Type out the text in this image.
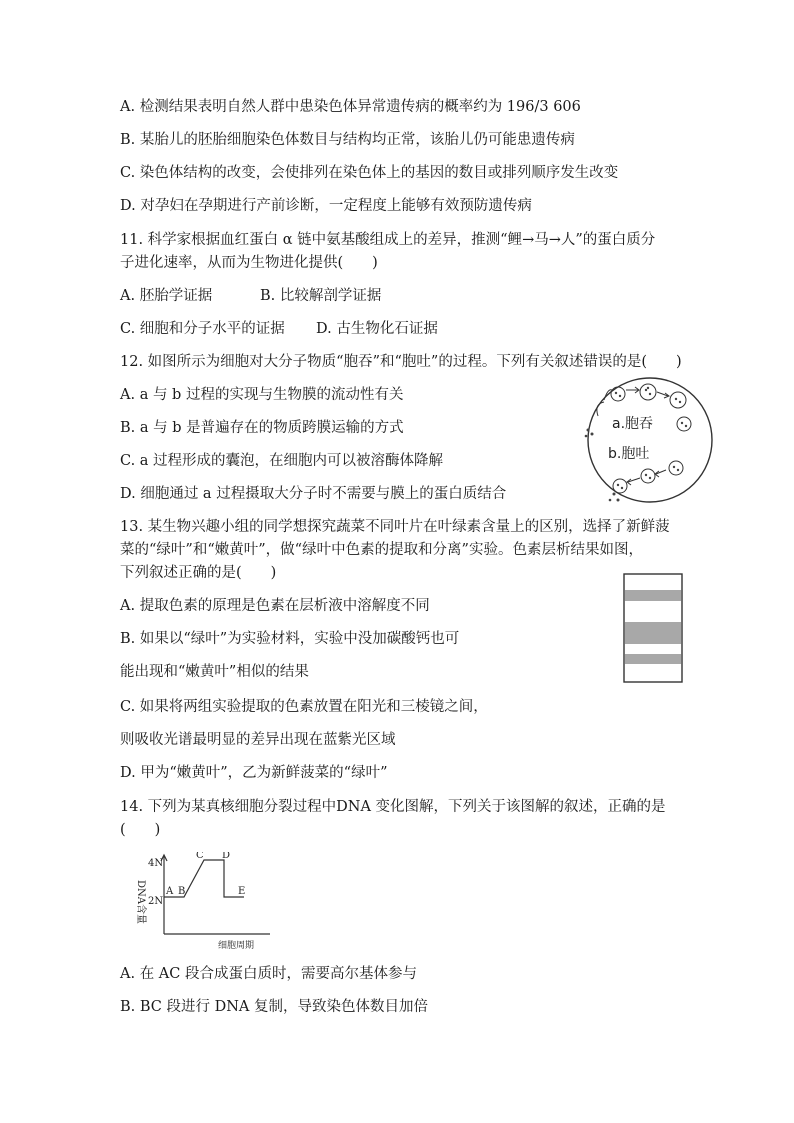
A. 检测结果表明自然人群中患染色体异常遗传病的概率约为 196/3 606
B. 某胎儿的胚胎细胞染色体数目与结构均正常，该胎儿仍可能患遗传病
C. 染色体结构的改变，会使排列在染色体上的基因的数目或排列顺序发生改变
D. 对孕妇在孕期进行产前诊断，一定程度上能够有效预防遗传病
11. 科学家根据血红蛋白 α 链中氨基酸组成上的差异，推测“鲤→马→人”的蛋白质分
子进化速率，从而为生物进化提供(　　)
A. 胚胎学证据	B. 比较解剖学证据
C. 细胞和分子水平的证据 D. 古生物化石证据
12. 如图所示为细胞对大分子物质“胞吞”和“胞吐”的过程。下列有关叙述错误的是(　　)
A. a 与 b 过程的实现与生物膜的流动性有关
B. a 与 b 是普遍存在的物质跨膜运输的方式
C. a 过程形成的囊泡，在细胞内可以被溶酶体降解
D. 细胞通过 a 过程摄取大分子时不需要与膜上的蛋白质结合
a.胞吞
b.胞吐
13. 某生物兴趣小组的同学想探究蔬菜不同叶片在叶绿素含量上的区别，选择了新鲜菠
菜的“绿叶”和“嫩黄叶”，做“绿叶中色素的提取和分离”实验。色素层析结果如图，
下列叙述正确的是(　　)
A. 提取色素的原理是色素在层析液中溶解度不同
B. 如果以“绿叶”为实验材料，实验中没加碳酸钙也可
能出现和“嫩黄叶”相似的结果
C. 如果将两组实验提取的色素放置在阳光和三棱镜之间，
则吸收光谱最明显的差异出现在蓝紫光区域
D. 甲为“嫩黄叶”，乙为新鲜菠菜的“绿叶”
14. 下列为某真核细胞分裂过程中DNA 变化图解，下列关于该图解的叙述，正确的是
(　　)
DNA含量 2N
4N
A B
C D
E
细胞周期
A. 在 AC 段合成蛋白质时，需要高尔基体参与
B. BC 段进行 DNA 复制，导致染色体数目加倍
